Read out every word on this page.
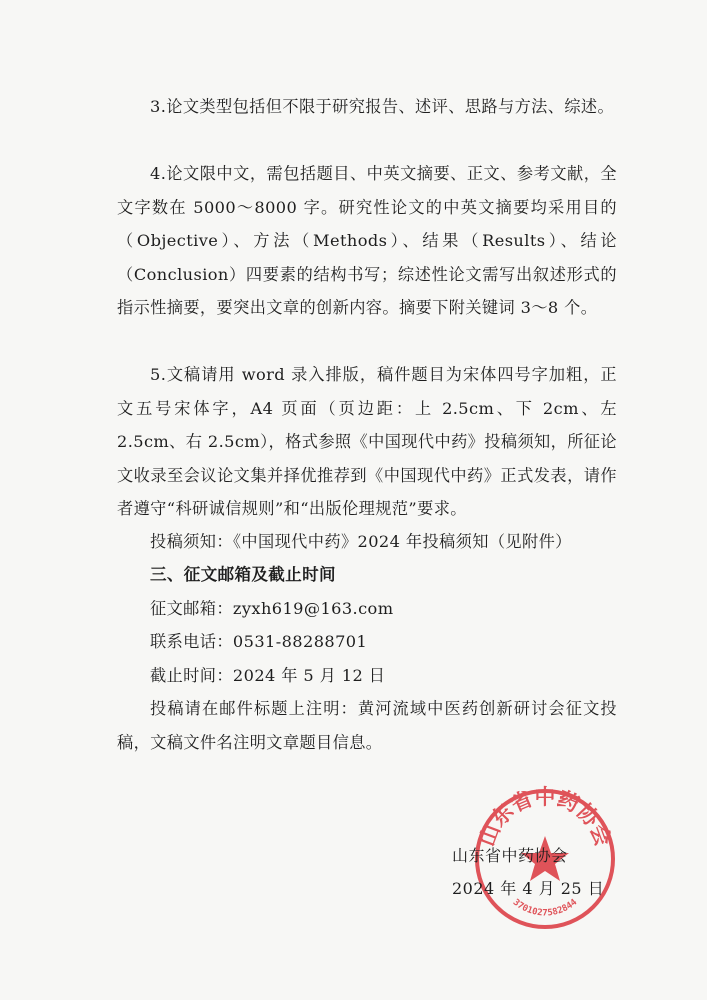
3.论文类型包括但不限于研究报告、述评、思路与方法、综述。

4.论文限中文，需包括题目、中英文摘要、正文、参考文献，全文字数在 5000～8000 字。研究性论文的中英文摘要均采用目的（Objective）、方法（Methods）、结果（Results）、结论（Conclusion）四要素的结构书写；综述性论文需写出叙述形式的指示性摘要，要突出文章的创新内容。摘要下附关键词 3～8 个。

5.文稿请用 word 录入排版，稿件题目为宋体四号字加粗，正文五号宋体字，A4 页面（页边距：上 2.5cm、下 2cm、左 2.5cm、右 2.5cm），格式参照《中国现代中药》投稿须知，所征论文收录至会议论文集并择优推荐到《中国现代中药》正式发表，请作者遵守“科研诚信规则”和“出版伦理规范”要求。

投稿须知：《中国现代中药》2024 年投稿须知（见附件）
三、征文邮箱及截止时间
征文邮箱：zyxh619@163.com
联系电话：0531-88288701
截止时间：2024 年 5 月 12 日

投稿请在邮件标题上注明：黄河流域中医药创新研讨会征文投稿，文稿文件名注明文章题目信息。

山东省中药协会
3701027582844
山东省中药协会
2024 年 4 月 25 日
